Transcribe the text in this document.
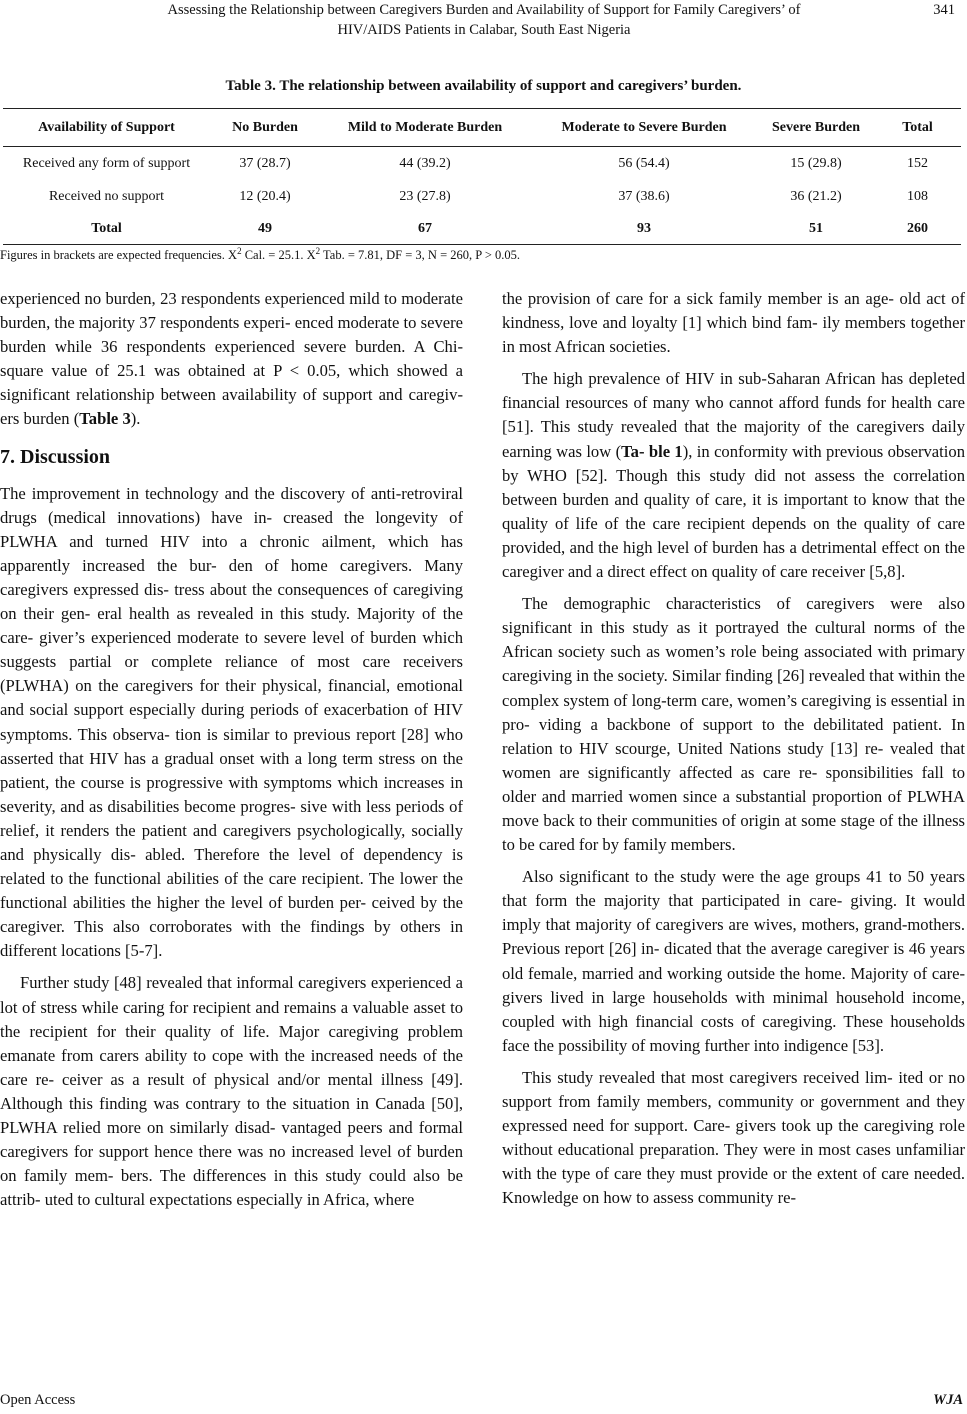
Assessing the Relationship between Caregivers Burden and Availability of Support for Family Caregivers’ of
HIV/AIDS Patients in Calabar, South East Nigeria
341
Table 3. The relationship between availability of support and caregivers’ burden.
Availability of Support	No Burden	Mild to Moderate Burden	Moderate to Severe Burden	Severe Burden	Total
Received any form of support	37 (28.7)	44 (39.2)	56 (54.4)	15 (29.8)	152
Received no support	12 (20.4)	23 (27.8)	37 (38.6)	36 (21.2)	108
Total	49	67	93	51	260
Figures in brackets are expected frequencies. $X^2$ Cal. = 25.1. $X^2$ Tab. = 7.81, DF = 3, N = 260, P > 0.05.

experienced no burden, 23 respondents experienced mild to moderate burden, the majority 37 respondents experi- enced moderate to severe burden while 36 respondents experienced severe burden. A Chi-square value of 25.1 was obtained at P < 0.05, which showed a significant relationship between availability of support and caregiv- ers burden (Table 3).

7. Discussion

The improvement in technology and the discovery of anti-retroviral drugs (medical innovations) have in- creased the longevity of PLWHA and turned HIV into a chronic ailment, which has apparently increased the bur- den of home caregivers. Many caregivers expressed dis- tress about the consequences of caregiving on their gen- eral health as revealed in this study. Majority of the care- giver’s experienced moderate to severe level of burden which suggests partial or complete reliance of most care receivers (PLWHA) on the caregivers for their physical, financial, emotional and social support especially during periods of exacerbation of HIV symptoms. This observa- tion is similar to previous report [28] who asserted that HIV has a gradual onset with a long term stress on the patient, the course is progressive with symptoms which increases in severity, and as disabilities become progres- sive with less periods of relief, it renders the patient and caregivers psychologically, socially and physically dis- abled. Therefore the level of dependency is related to the functional abilities of the care recipient. The lower the functional abilities the higher the level of burden per- ceived by the caregiver. This also corroborates with the findings by others in different locations [5-7].

Further study [48] revealed that informal caregivers experienced a lot of stress while caring for recipient and remains a valuable asset to the recipient for their quality of life. Major caregiving problem emanate from carers ability to cope with the increased needs of the care re- ceiver as a result of physical and/or mental illness [49]. Although this finding was contrary to the situation in Canada [50], PLWHA relied more on similarly disad- vantaged peers and formal caregivers for support hence there was no increased level of burden on family mem- bers. The differences in this study could also be attrib- uted to cultural expectations especially in Africa, where

the provision of care for a sick family member is an age- old act of kindness, love and loyalty [1] which bind fam- ily members together in most African societies.

The high prevalence of HIV in sub-Saharan African has depleted financial resources of many who cannot afford funds for health care [51]. This study revealed that the majority of the caregivers daily earning was low (Ta- ble 1), in conformity with previous observation by WHO [52]. Though this study did not assess the correlation between burden and quality of care, it is important to know that the quality of life of the care recipient depends on the quality of care provided, and the high level of burden has a detrimental effect on the caregiver and a direct effect on quality of care receiver [5,8].

The demographic characteristics of caregivers were also significant in this study as it portrayed the cultural norms of the African society such as women’s role being associated with primary caregiving in the society. Similar finding [26] revealed that within the complex system of long-term care, women’s caregiving is essential in pro- viding a backbone of support to the debilitated patient. In relation to HIV scourge, United Nations study [13] re- vealed that women are significantly affected as care re- sponsibilities fall to older and married women since a substantial proportion of PLWHA move back to their communities of origin at some stage of the illness to be cared for by family members.

Also significant to the study were the age groups 41 to 50 years that form the majority that participated in care- giving. It would imply that majority of caregivers are wives, mothers, grand-mothers. Previous report [26] in- dicated that the average caregiver is 46 years old female, married and working outside the home. Majority of care- givers lived in large households with minimal household income, coupled with high financial costs of caregiving. These households face the possibility of moving further into indigence [53].

This study revealed that most caregivers received lim- ited or no support from family members, community or government and they expressed need for support. Care- givers took up the caregiving role without educational preparation. They were in most cases unfamiliar with the type of care they must provide or the extent of care needed. Knowledge on how to assess community re-

Open Access	WJA
